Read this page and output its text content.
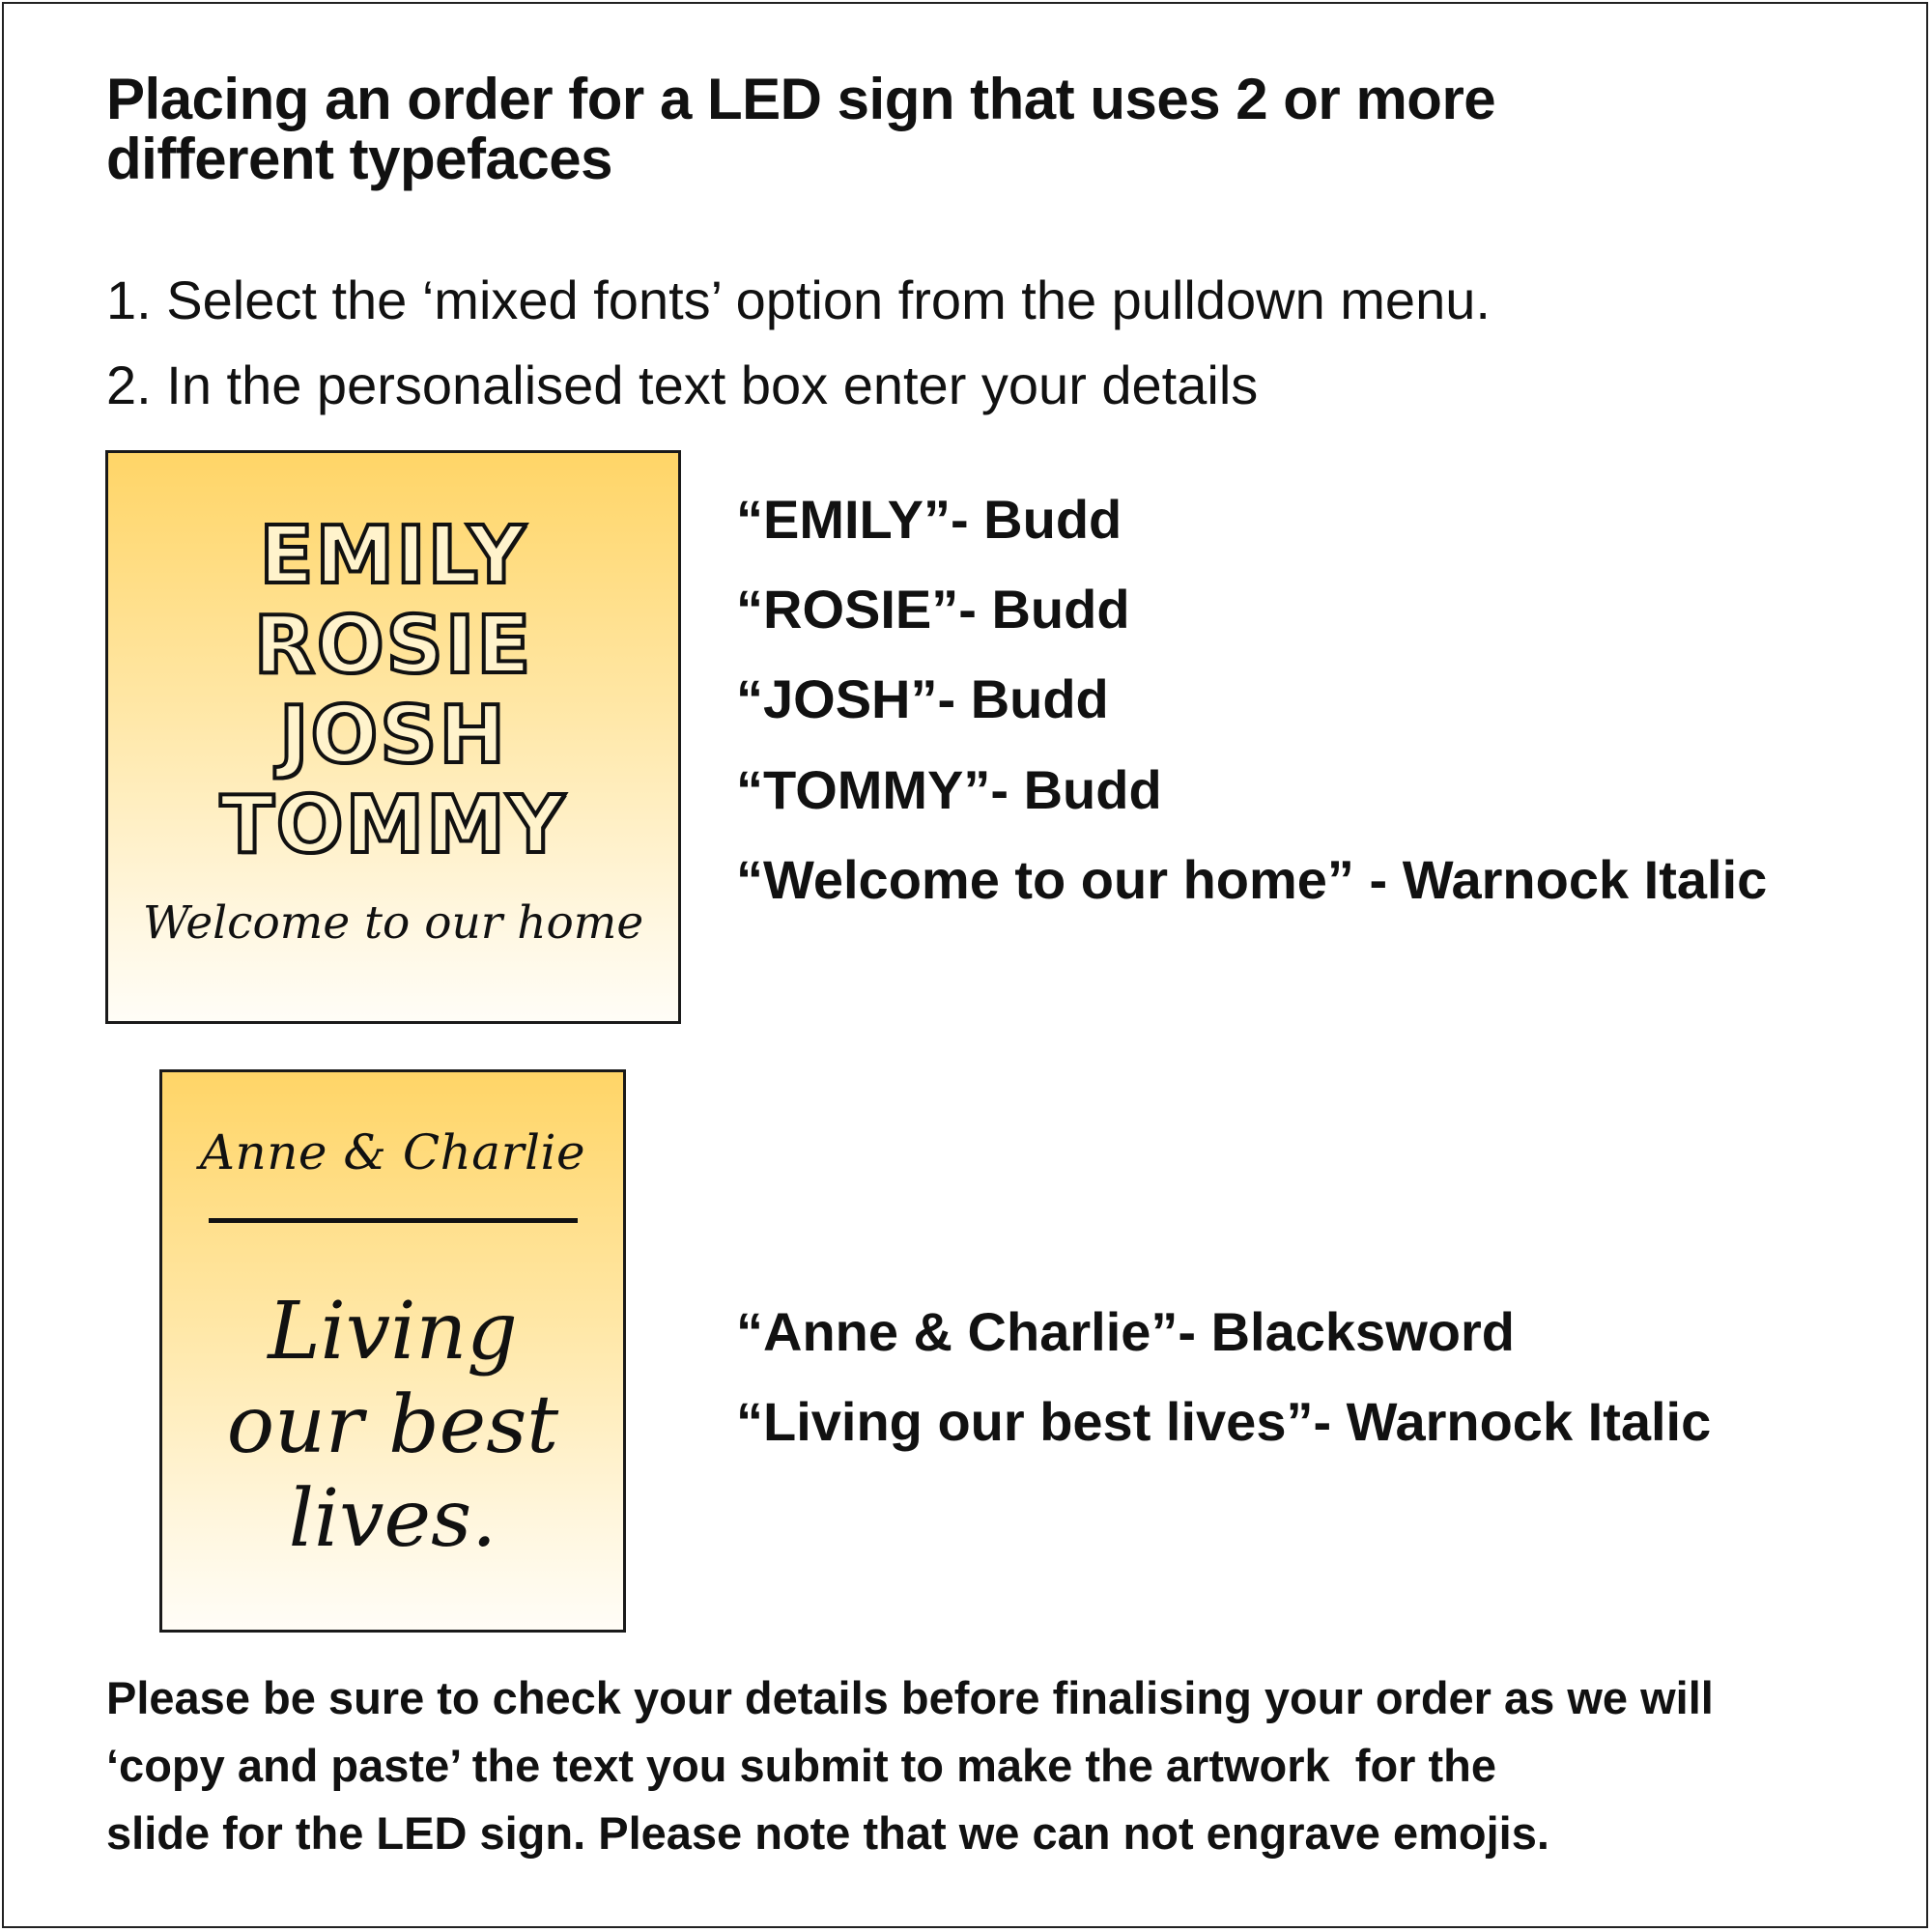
Placing an order for a LED sign that uses 2 or more different typefaces
1. Select the ‘mixed fonts’ option from the pulldown menu.
2. In the personalised text box enter your details
EMILY
ROSIE
JOSH
TOMMY
Welcome to our home
“EMILY”- Budd
“ROSIE”- Budd
“JOSH”- Budd
“TOMMY”- Budd
“Welcome to our home” - Warnock Italic
Anne & Charlie
Living
our best
lives.
“Anne & Charlie”- Blacksword
“Living our best lives”- Warnock Italic
Please be sure to check your details before finalising your order as we will
‘copy and paste’ the text you submit to make the artwork  for the
slide for the LED sign. Please note that we can not engrave emojis.
